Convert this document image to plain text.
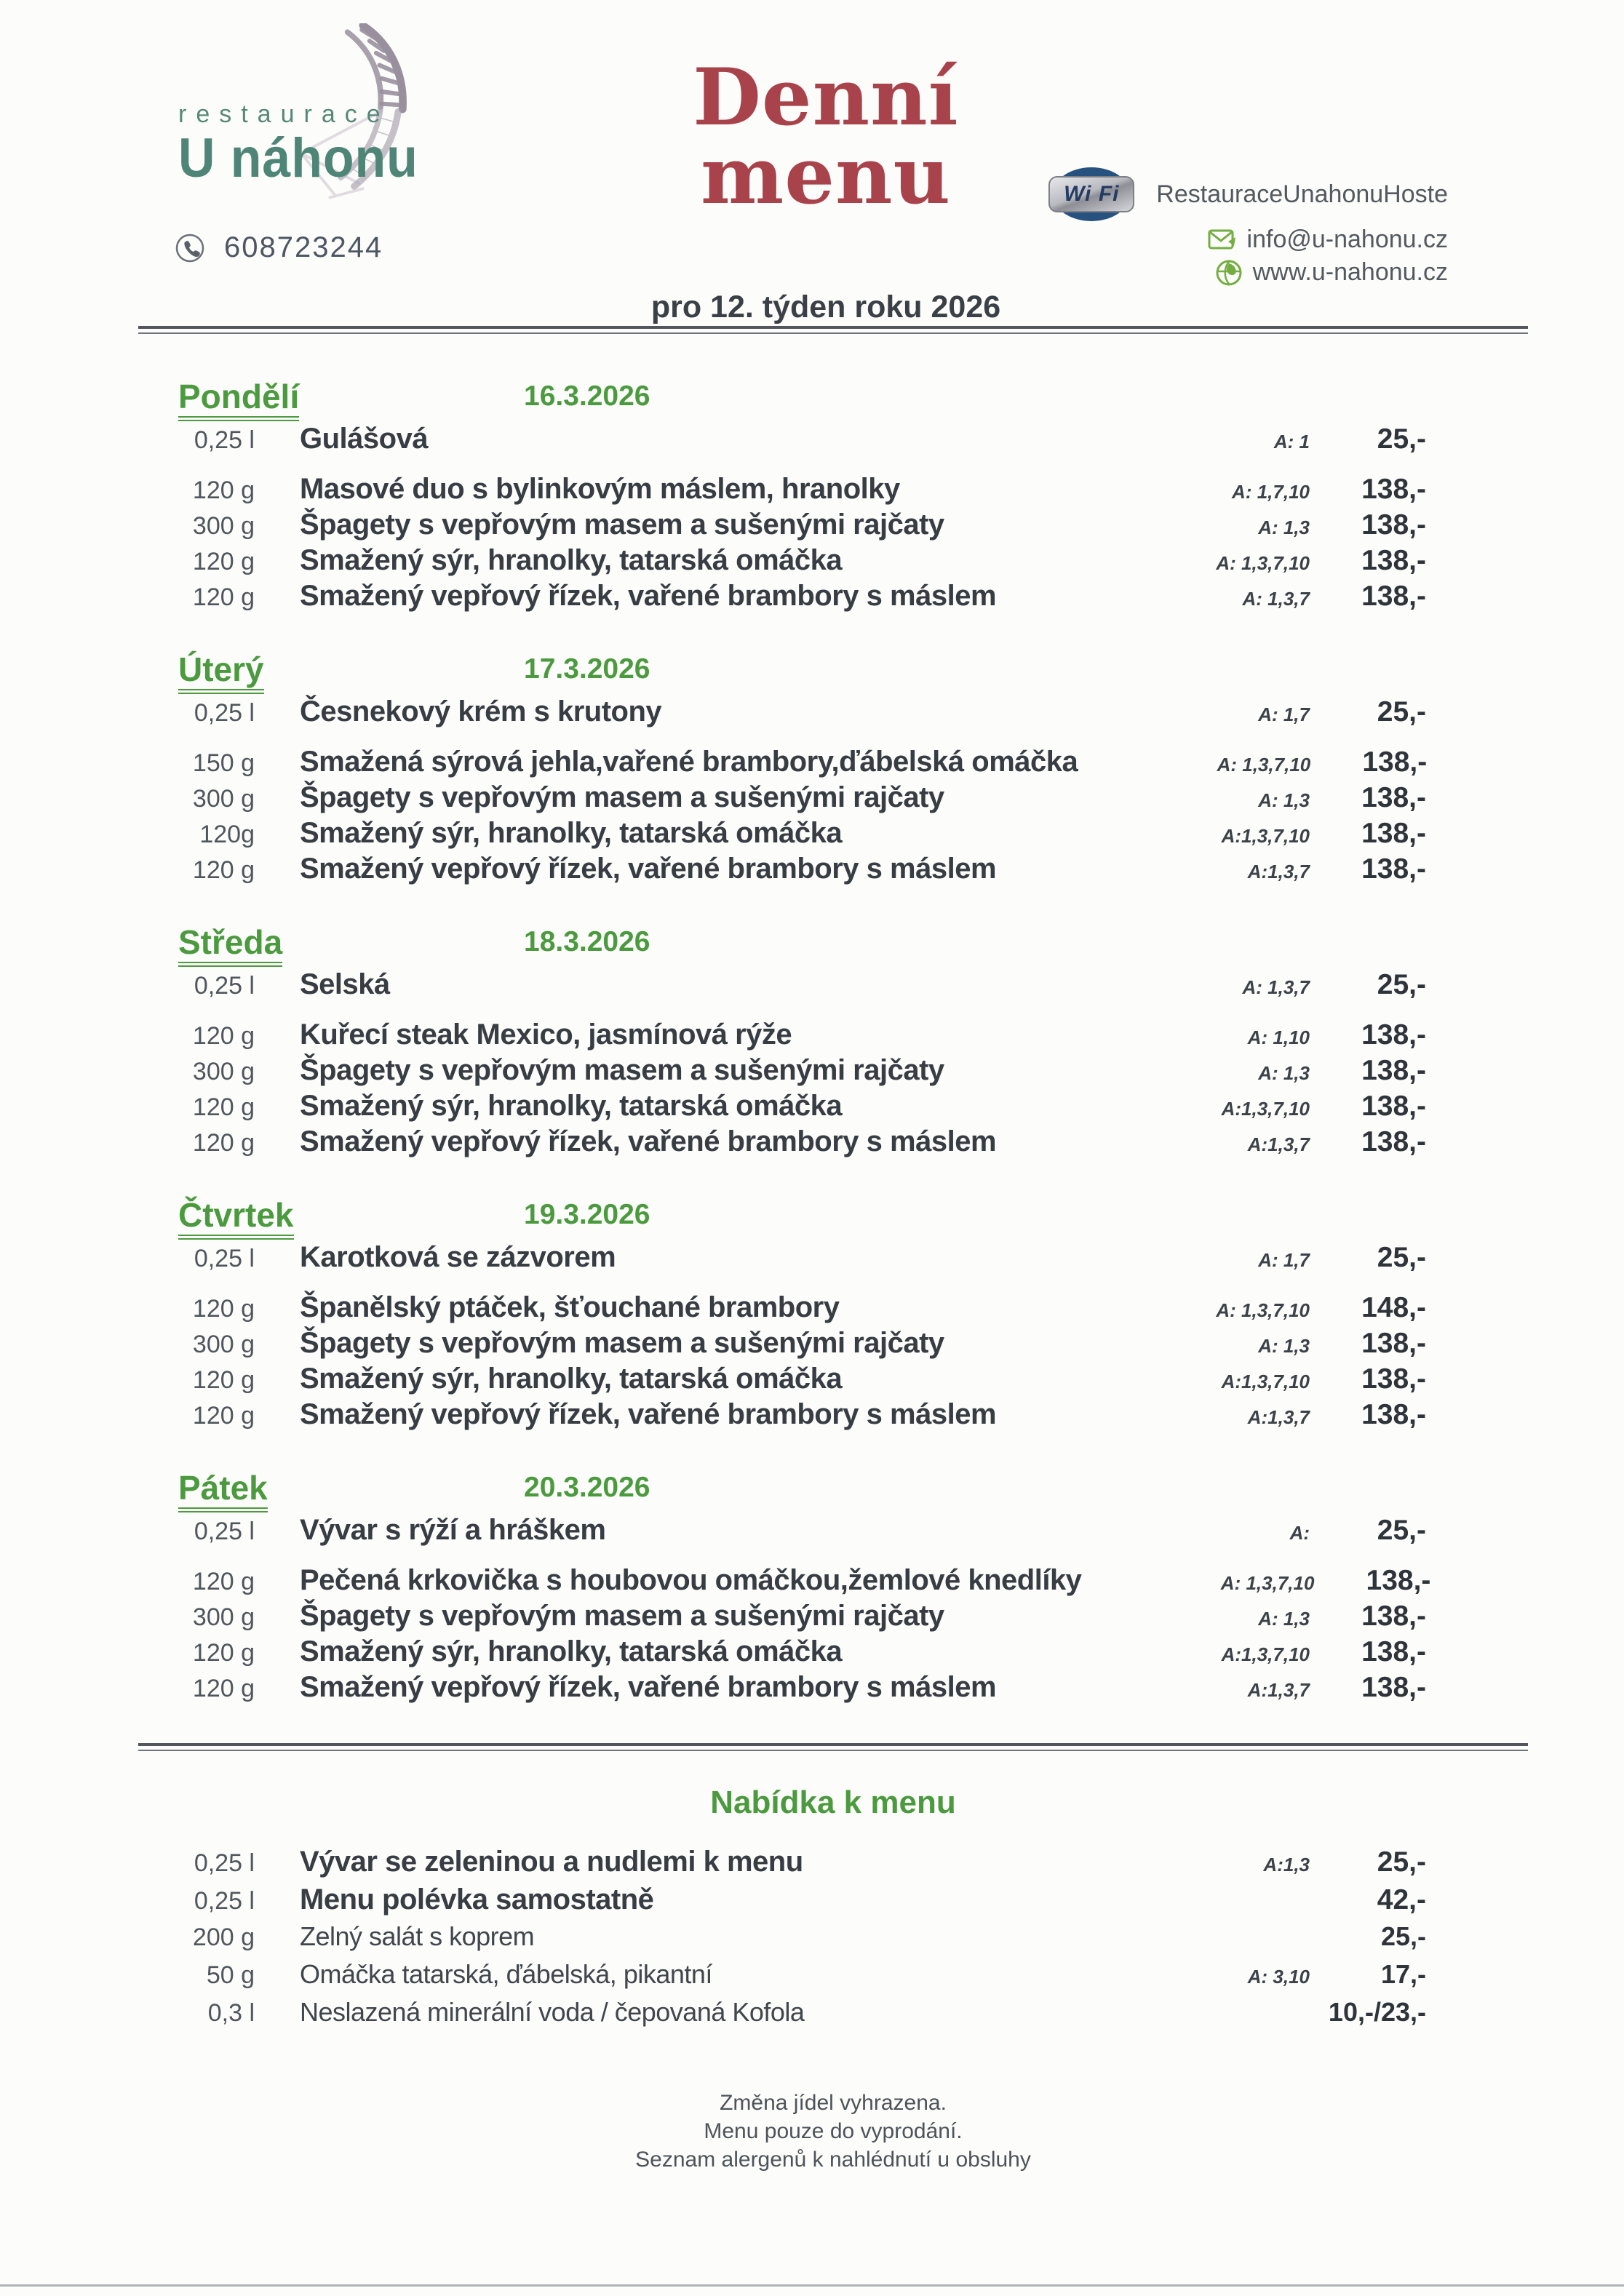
restaurace
U náhonu
608723244
Denní menu
pro 12. týden roku 2026
Wi Fi	RestauraceUnahonuHoste
info@u-nahonu.cz
www.u-nahonu.cz
Pondělí	16.3.2026
0,25 l	Gulášová	A: 1	25,-
120 g	Masové duo s bylinkovým máslem, hranolky	A: 1,7,10	138,-
300 g	Špagety s vepřovým masem a sušenými rajčaty	A: 1,3	138,-
120 g	Smažený sýr, hranolky, tatarská omáčka	A: 1,3,7,10	138,-
120 g	Smažený vepřový řízek, vařené brambory s máslem	A: 1,3,7	138,-
Úterý	17.3.2026
0,25 l	Česnekový krém s krutony	A: 1,7	25,-
150 g	Smažená sýrová jehla,vařené brambory,ďábelská omáčka	A: 1,3,7,10	138,-
300 g	Špagety s vepřovým masem a sušenými rajčaty	A: 1,3	138,-
120g	Smažený sýr, hranolky, tatarská omáčka	A:1,3,7,10	138,-
120 g	Smažený vepřový řízek, vařené brambory s máslem	A:1,3,7	138,-
Středa	18.3.2026
0,25 l	Selská	A: 1,3,7	25,-
120 g	Kuřecí steak Mexico, jasmínová rýže	A: 1,10	138,-
300 g	Špagety s vepřovým masem a sušenými rajčaty	A: 1,3	138,-
120 g	Smažený sýr, hranolky, tatarská omáčka	A:1,3,7,10	138,-
120 g	Smažený vepřový řízek, vařené brambory s máslem	A:1,3,7	138,-
Čtvrtek	19.3.2026
0,25 l	Karotková se zázvorem	A: 1,7	25,-
120 g	Španělský ptáček, šťouchané brambory	A: 1,3,7,10	148,-
300 g	Špagety s vepřovým masem a sušenými rajčaty	A: 1,3	138,-
120 g	Smažený sýr, hranolky, tatarská omáčka	A:1,3,7,10	138,-
120 g	Smažený vepřový řízek, vařené brambory s máslem	A:1,3,7	138,-
Pátek	20.3.2026
0,25 l	Vývar s rýží a hráškem	A:	25,-
120 g	Pečená krkovička s houbovou omáčkou,žemlové knedlíky	A: 1,3,7,10	138,-
300 g	Špagety s vepřovým masem a sušenými rajčaty	A: 1,3	138,-
120 g	Smažený sýr, hranolky, tatarská omáčka	A:1,3,7,10	138,-
120 g	Smažený vepřový řízek, vařené brambory s máslem	A:1,3,7	138,-
Nabídka k menu
0,25 l	Vývar se zeleninou a nudlemi k menu	A:1,3	25,-
0,25 l	Menu polévka samostatně	42,-
200 g	Zelný salát s koprem	25,-
50 g	Omáčka tatarská, ďábelská, pikantní	A: 3,10	17,-
0,3 l	Neslazená minerální voda / čepovaná Kofola	10,-/23,-
Změna jídel vyhrazena.
Menu pouze do vyprodání.
Seznam alergenů k nahlédnutí u obsluhy
